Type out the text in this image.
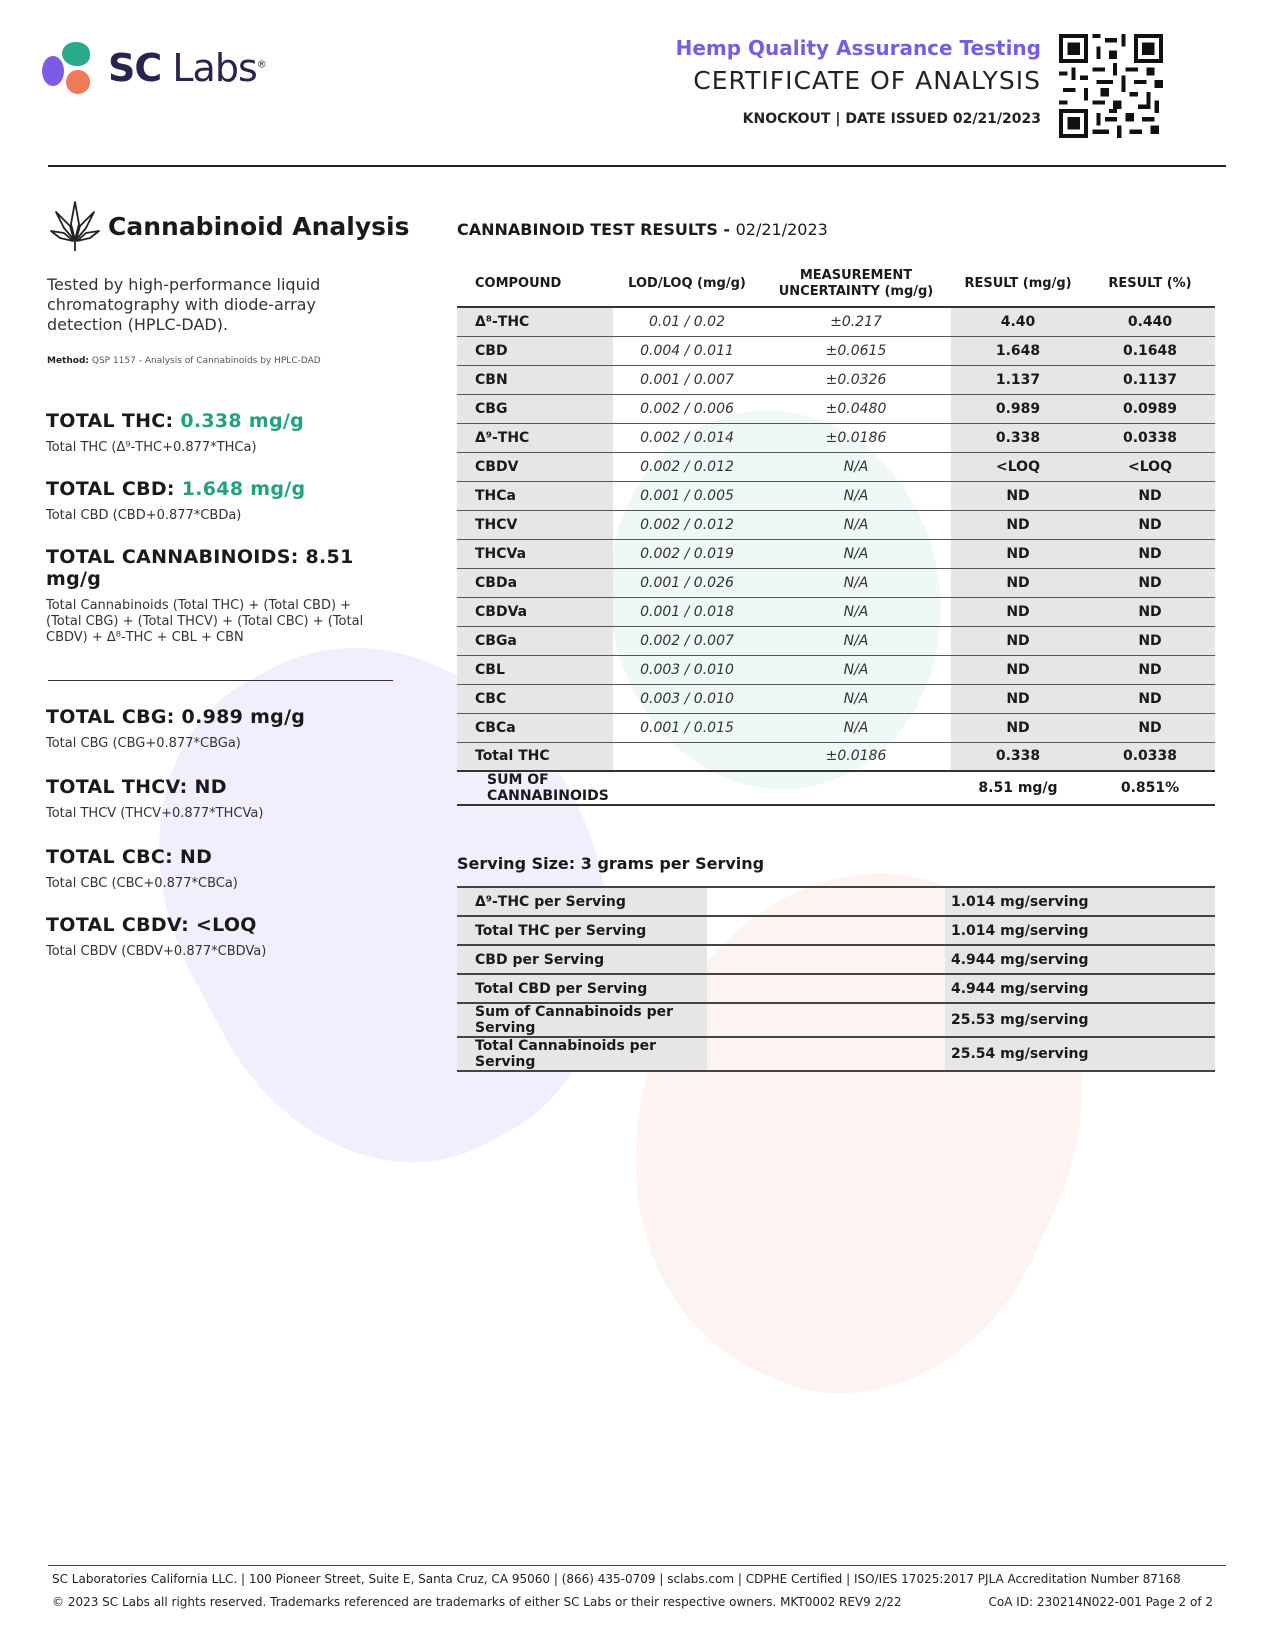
SC Labs®
Hemp Quality Assurance Testing
CERTIFICATE OF ANALYSIS
KNOCKOUT | DATE ISSUED 02/21/2023
Cannabinoid Analysis
Tested by high-performance liquid chromatography with diode-array detection (HPLC-DAD).
Method: QSP 1157 - Analysis of Cannabinoids by HPLC-DAD
TOTAL THC: 0.338 mg/g
Total THC (Δ⁹-THC+0.877*THCa)
TOTAL CBD: 1.648 mg/g
Total CBD (CBD+0.877*CBDa)
TOTAL CANNABINOIDS: 8.51 mg/g
Total Cannabinoids (Total THC) + (Total CBD) + (Total CBG) + (Total THCV) + (Total CBC) + (Total CBDV) + Δ⁸-THC + CBL + CBN
TOTAL CBG: 0.989 mg/g
Total CBG (CBG+0.877*CBGa)
TOTAL THCV: ND
Total THCV (THCV+0.877*THCVa)
TOTAL CBC: ND
Total CBC (CBC+0.877*CBCa)
TOTAL CBDV: <LOQ
Total CBDV (CBDV+0.877*CBDVa)
CANNABINOID TEST RESULTS - 02/21/2023
COMPOUND	LOD/LOQ (mg/g)	MEASUREMENT UNCERTAINTY (mg/g)	RESULT (mg/g)	RESULT (%)
Δ⁸-THC	0.01 / 0.02	±0.217	4.40	0.440
CBD	0.004 / 0.011	±0.0615	1.648	0.1648
CBN	0.001 / 0.007	±0.0326	1.137	0.1137
CBG	0.002 / 0.006	±0.0480	0.989	0.0989
Δ⁹-THC	0.002 / 0.014	±0.0186	0.338	0.0338
CBDV	0.002 / 0.012	N/A	<LOQ	<LOQ
THCa	0.001 / 0.005	N/A	ND	ND
THCV	0.002 / 0.012	N/A	ND	ND
THCVa	0.002 / 0.019	N/A	ND	ND
CBDa	0.001 / 0.026	N/A	ND	ND
CBDVa	0.001 / 0.018	N/A	ND	ND
CBGa	0.002 / 0.007	N/A	ND	ND
CBL	0.003 / 0.010	N/A	ND	ND
CBC	0.003 / 0.010	N/A	ND	ND
CBCa	0.001 / 0.015	N/A	ND	ND
Total THC		±0.0186	0.338	0.0338
SUM OF CANNABINOIDS			8.51 mg/g	0.851%
Serving Size: 3 grams per Serving
Δ⁹-THC per Serving		1.014 mg/serving
Total THC per Serving		1.014 mg/serving
CBD per Serving		4.944 mg/serving
Total CBD per Serving		4.944 mg/serving
Sum of Cannabinoids per Serving		25.53 mg/serving
Total Cannabinoids per Serving		25.54 mg/serving
SC Laboratories California LLC. | 100 Pioneer Street, Suite E, Santa Cruz, CA 95060 | (866) 435-0709 | sclabs.com | CDPHE Certified | ISO/IES 17025:2017 PJLA Accreditation Number 87168
© 2023 SC Labs all rights reserved. Trademarks referenced are trademarks of either SC Labs or their respective owners. MKT0002 REV9 2/22	CoA ID: 230214N022-001 Page 2 of 2
